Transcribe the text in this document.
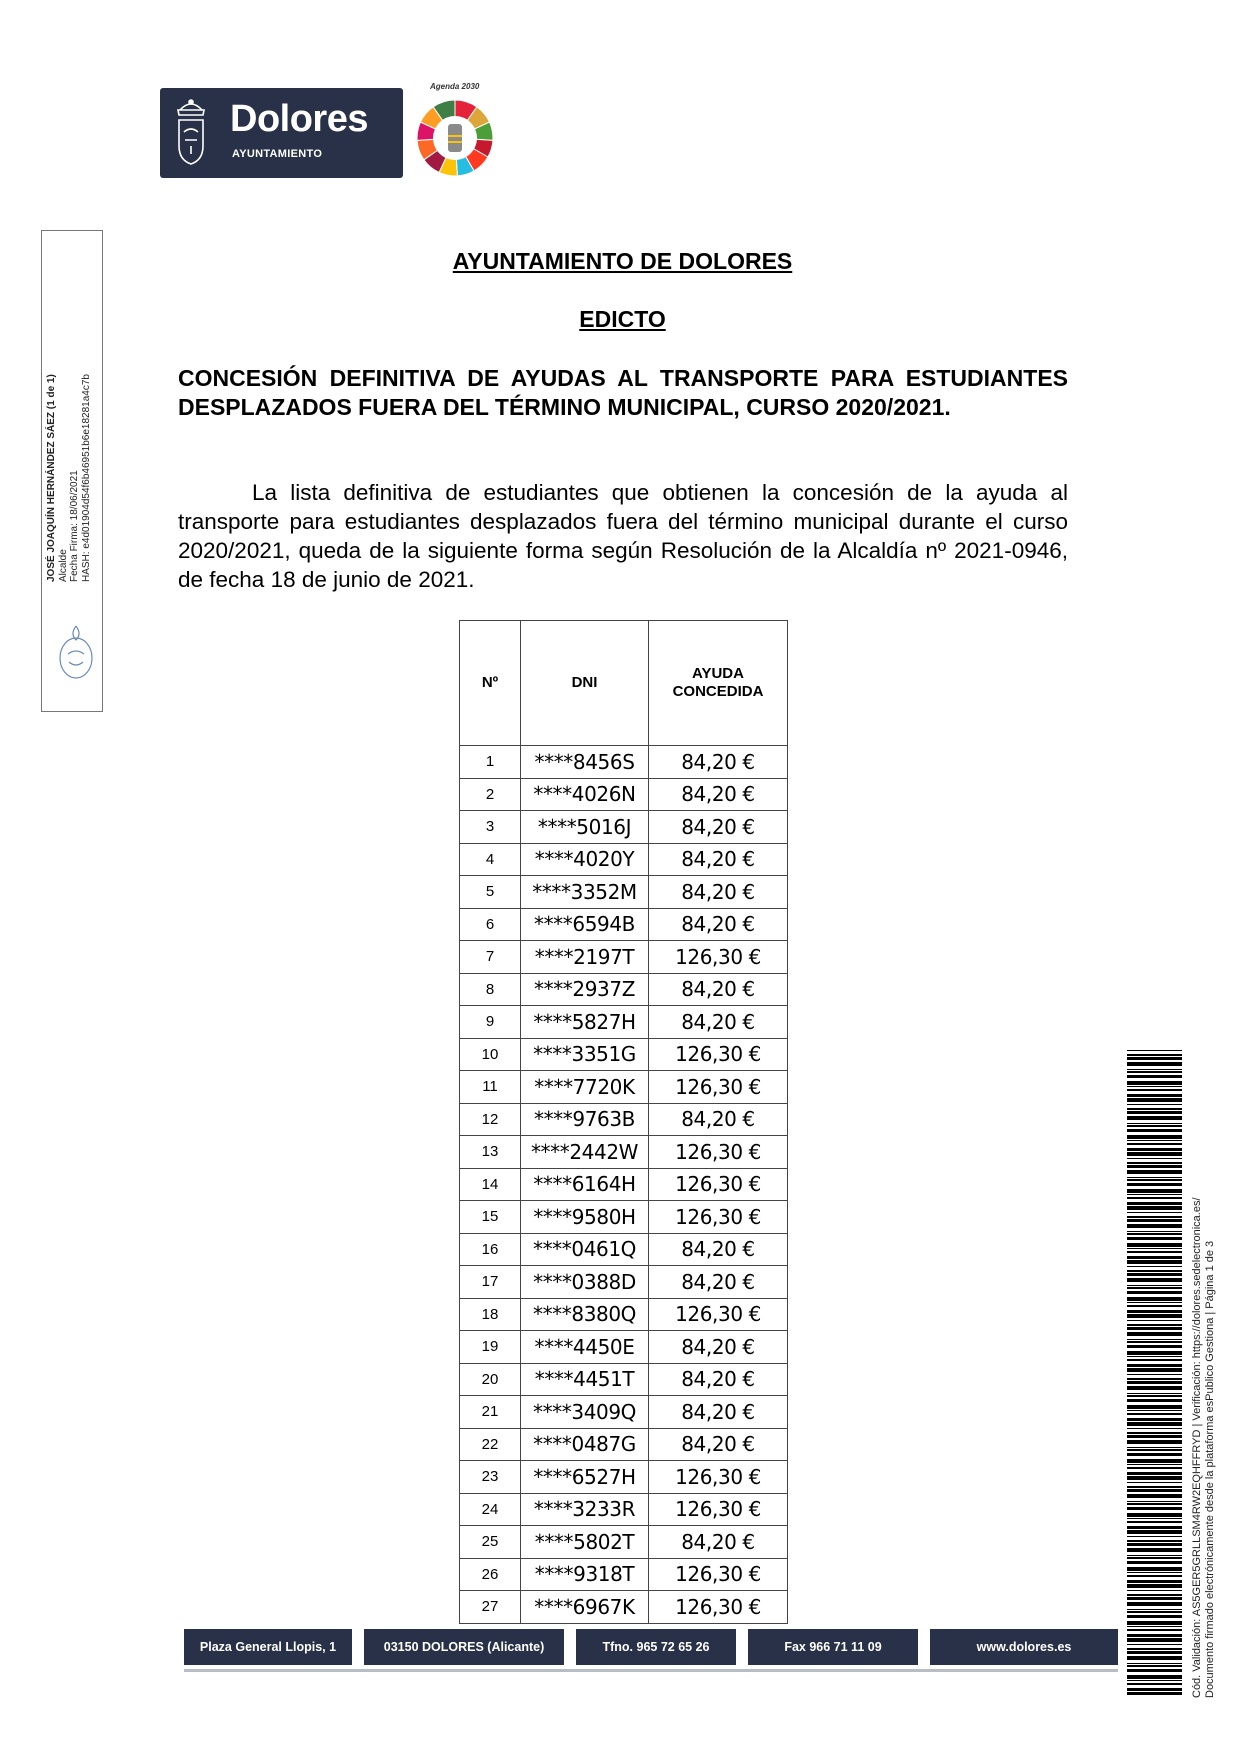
Dolores
AYUNTAMIENTO
Agenda 2030
JOSÉ JOAQUÍN HERNÁNDEZ SÁEZ (1 de 1) Alcalde Fecha Firma: 18/06/2021 HASH: e4d01904d54f6b46951b6e18281a4c7b
Cód. Validación: AS5GER5GRLLSM4RW2EQHFFRYD | Verificación: https://dolores.sedelectronica.es/ Documento firmado electrónicamente desde la plataforma esPublico Gestiona | Página 1 de 3
AYUNTAMIENTO DE DOLORES
EDICTO
CONCESIÓN DEFINITIVA DE AYUDAS AL TRANSPORTE PARA ESTUDIANTES DESPLAZADOS FUERA DEL TÉRMINO MUNICIPAL, CURSO 2020/2021.
La lista definitiva de estudiantes que obtienen la concesión de la ayuda al transporte para estudiantes desplazados fuera del término municipal durante el curso 2020/2021, queda de la siguiente forma según Resolución de la Alcaldía nº 2021-0946, de fecha 18 de junio de 2021.
Nº	DNI	AYUDA
CONCEDIDA
1	****8456S	84,20 €
2	****4026N	84,20 €
3	****5016J	84,20 €
4	****4020Y	84,20 €
5	****3352M	84,20 €
6	****6594B	84,20 €
7	****2197T	126,30 €
8	****2937Z	84,20 €
9	****5827H	84,20 €
10	****3351G	126,30 €
11	****7720K	126,30 €
12	****9763B	84,20 €
13	****2442W	126,30 €
14	****6164H	126,30 €
15	****9580H	126,30 €
16	****0461Q	84,20 €
17	****0388D	84,20 €
18	****8380Q	126,30 €
19	****4450E	84,20 €
20	****4451T	84,20 €
21	****3409Q	84,20 €
22	****0487G	84,20 €
23	****6527H	126,30 €
24	****3233R	126,30 €
25	****5802T	84,20 €
26	****9318T	126,30 €
27	****6967K	126,30 €
Plaza General Llopis, 1	03150 DOLORES (Alicante)	Tfno. 965 72 65 26	Fax 966 71 11 09	www.dolores.es
